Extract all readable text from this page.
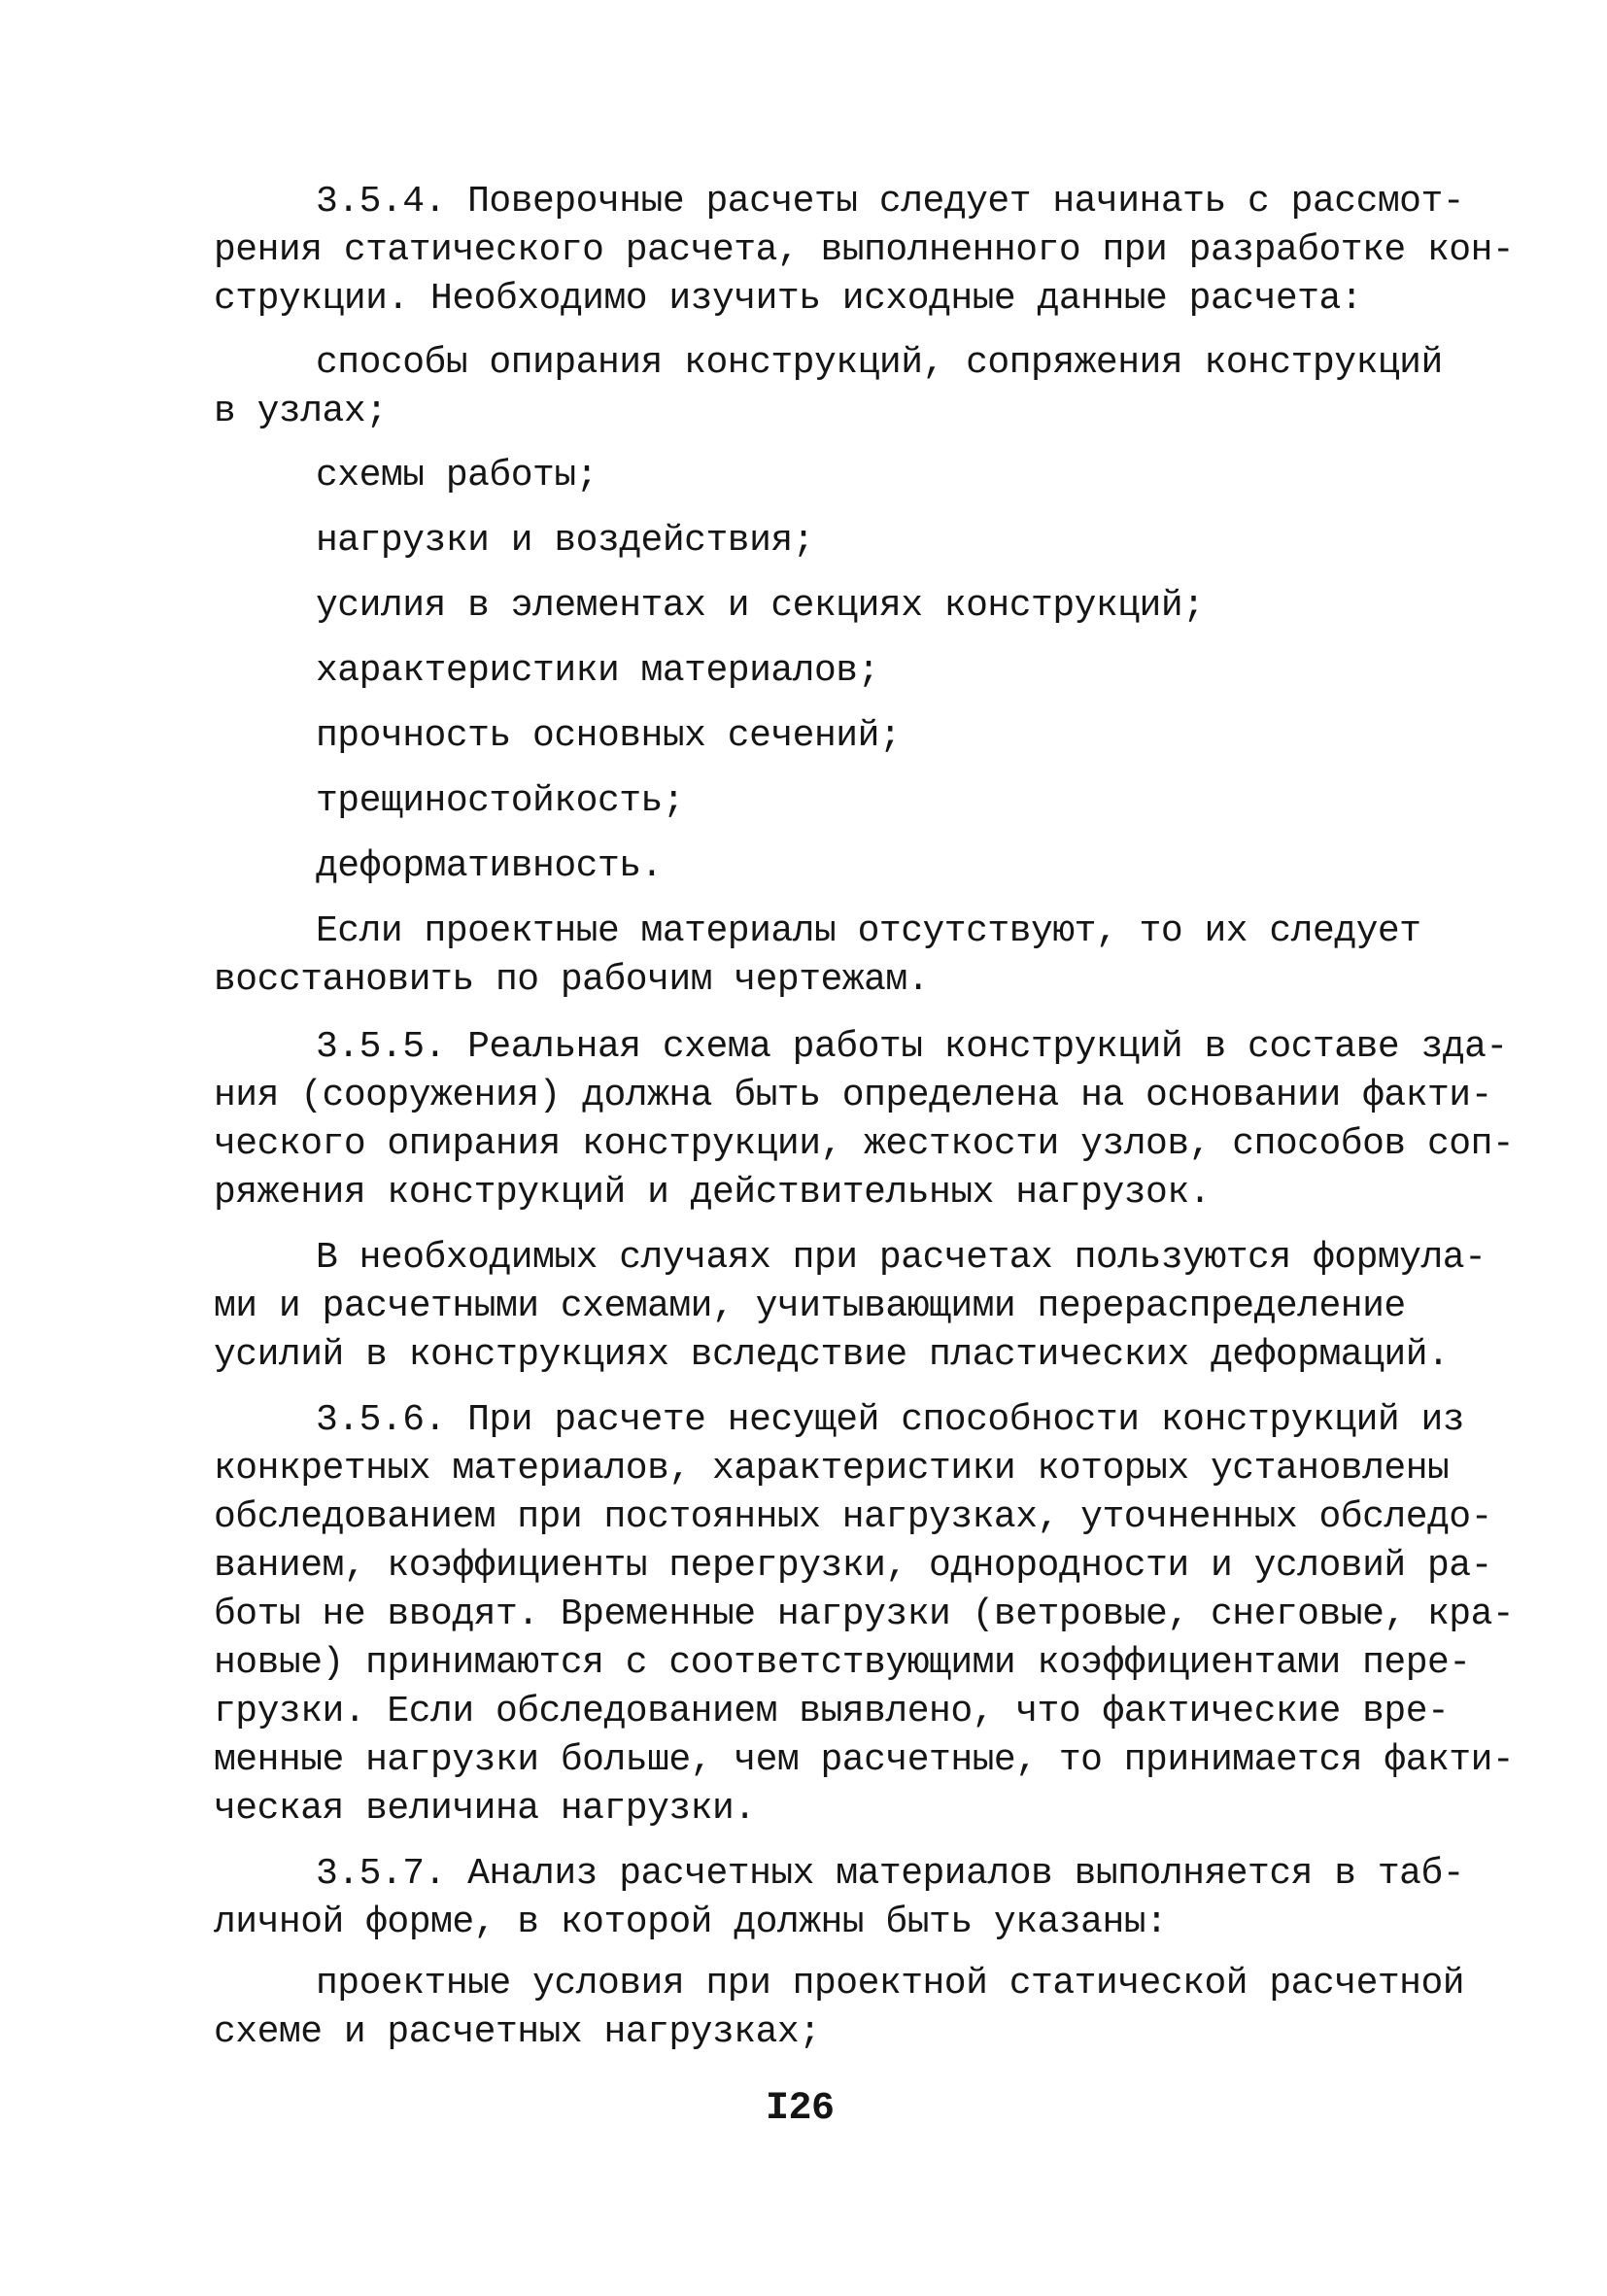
3.5.4. Поверочные расчеты следует начинать с рассмот-
рения статического расчета, выполненного при разработке кон-
струкции. Необходимо изучить исходные данные расчета:
способы опирания конструкций, сопряжения конструкций
в узлах;
схемы работы;
нагрузки и воздействия;
усилия в элементах и секциях конструкций;
характеристики материалов;
прочность основных сечений;
трещиностойкость;
деформативность.
Если проектные материалы отсутствуют, то их следует
восстановить по рабочим чертежам.
3.5.5. Реальная схема работы конструкций в составе зда-
ния (сооружения) должна быть определена на основании факти-
ческого опирания конструкции, жесткости узлов, способов соп-
ряжения конструкций и действительных нагрузок.
В необходимых случаях при расчетах пользуются формула-
ми и расчетными схемами, учитывающими перераспределение
усилий в конструкциях вследствие пластических деформаций.
3.5.6. При расчете несущей способности конструкций из
конкретных материалов, характеристики которых установлены
обследованием при постоянных нагрузках, уточненных обследо-
ванием, коэффициенты перегрузки, однородности и условий ра-
боты не вводят. Временные нагрузки (ветровые, снеговые, кра-
новые) принимаются с соответствующими коэффициентами пере-
грузки. Если обследованием выявлено, что фактические вре-
менные нагрузки больше, чем расчетные, то принимается факти-
ческая величина нагрузки.
3.5.7. Анализ расчетных материалов выполняется в таб-
личной форме, в которой должны быть указаны:
проектные условия при проектной статической расчетной
схеме и расчетных нагрузках;
I26
